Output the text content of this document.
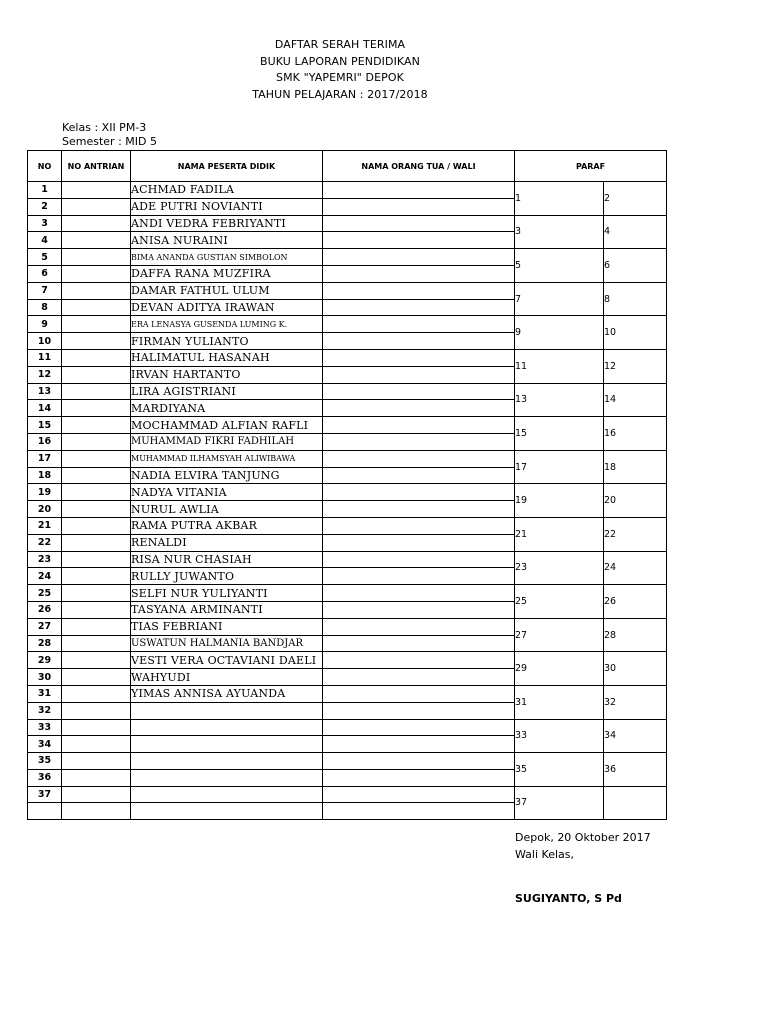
DAFTAR SERAH TERIMA
BUKU LAPORAN PENDIDIKAN
SMK "YAPEMRI" DEPOK
TAHUN PELAJARAN : 2017/2018
Kelas : XII PM-3
Semester : MID 5
NO	NO ANTRIAN	NAMA PESERTA DIDIK	NAMA ORANG TUA / WALI	PARAF	
1		ACHMAD FADILA		1	2
2		ADE PUTRI NOVIANTI			
3		ANDI VEDRA FEBRIYANTI		3	4
4		ANISA NURAINI			
5		BIMA ANANDA GUSTIAN SIMBOLON		5	6
6		DAFFA RANA MUZFIRA			
7		DAMAR FATHUL ULUM		7	8
8		DEVAN ADITYA IRAWAN			
9		ERA LENASYA GUSENDA LUMING K.		9	10
10		FIRMAN YULIANTO			
11		HALIMATUL HASANAH		11	12
12		IRVAN HARTANTO			
13		LIRA AGISTRIANI		13	14
14		MARDIYANA			
15		MOCHAMMAD ALFIAN RAFLI		15	16
16		MUHAMMAD FIKRI FADHILAH			
17		MUHAMMAD ILHAMSYAH ALIWIBAWA		17	18
18		NADIA ELVIRA TANJUNG			
19		NADYA VITANIA		19	20
20		NURUL AWLIA			
21		RAMA PUTRA AKBAR		21	22
22		RENALDI			
23		RISA NUR CHASIAH		23	24
24		RULLY JUWANTO			
25		SELFI NUR YULIYANTI		25	26
26		TASYANA ARMINANTI			
27		TIAS FEBRIANI		27	28
28		USWATUN HALMANIA BANDJAR			
29		VESTI VERA OCTAVIANI DAELI		29	30
30		WAHYUDI			
31		YIMAS ANNISA AYUANDA		31	32
32					
33				33	34
34					
35				35	36
36					
37				37	

Depok, 20 Oktober 2017
Wali Kelas,
SUGIYANTO, S Pd
